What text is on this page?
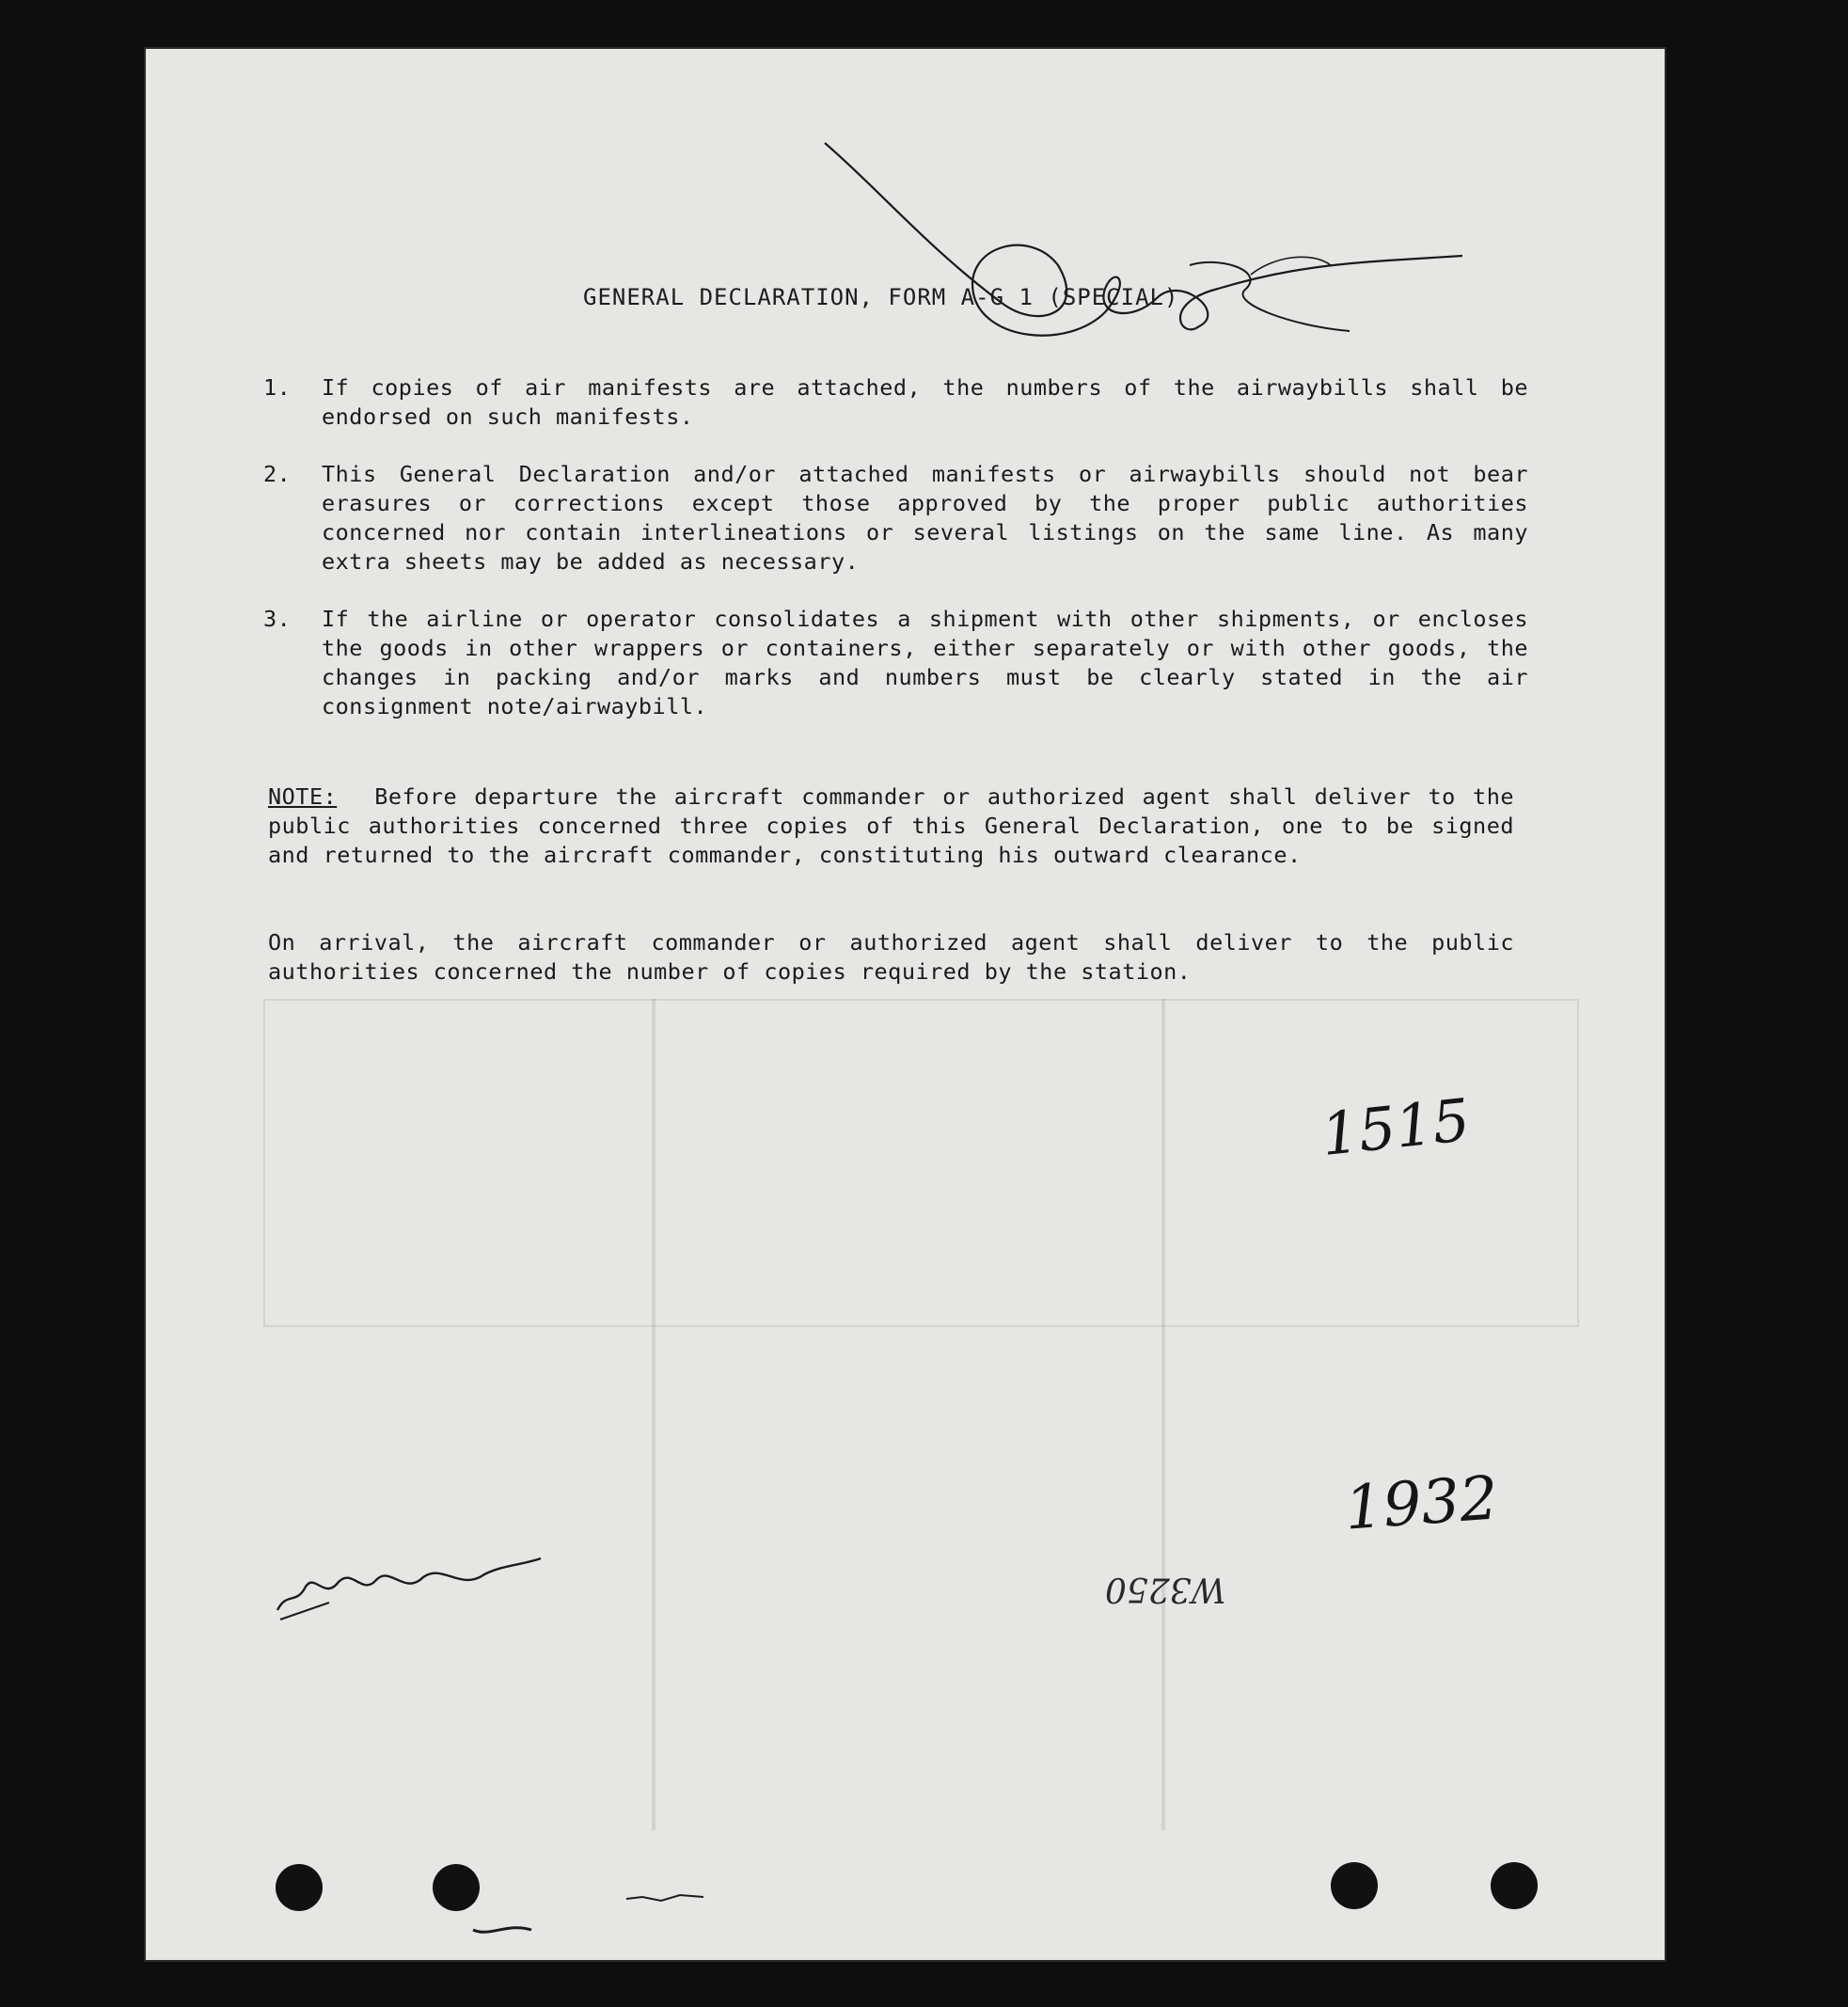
GENERAL DECLARATION, FORM A-G 1 (SPECIAL)
1. If copies of air manifests are attached, the numbers of the airwaybills shall be endorsed on such manifests.
2. This General Declaration and/or attached manifests or airwaybills should not bear erasures or corrections except those approved by the proper public authorities concerned nor contain interlineations or several listings on the same line. As many extra sheets may be added as necessary.
3. If the airline or operator consolidates a shipment with other shipments, or encloses the goods in other wrappers or containers, either separately or with other goods, the changes in packing and/or marks and numbers must be clearly stated in the air consignment note/airwaybill.
NOTE: Before departure the aircraft commander or authorized agent shall deliver to the public authorities concerned three copies of this General Declaration, one to be signed and returned to the aircraft commander, constituting his outward clearance.
On arrival, the aircraft commander or authorized agent shall deliver to the public authorities concerned the number of copies required by the station.
1515
1932
W3250
